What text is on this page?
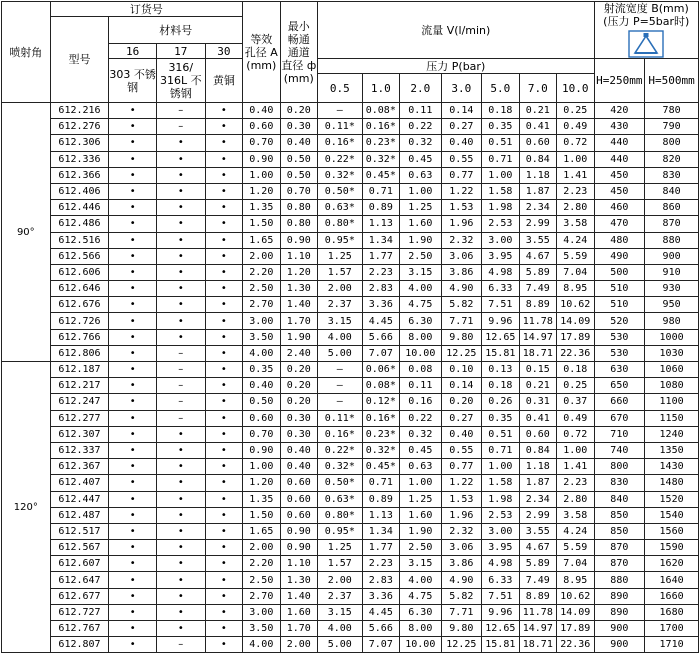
喷射角	订货号				等效 孔径 A (mm)	最小 畅通 通道 直径 ф (mm)	流量 V(l/min)							射流宽度 B(mm)
(压力 P=5bar时)	

	型号	材料号													
		16	17	30											
		303 不锈钢	316/ 316L 不锈钢	黄铜			压力 P(bar)							H=250mm	H=500mm
							0.5	1.0	2.0	3.0	5.0	7.0	10.0		
90°	612.216	•	–	•	0.40	0.20	–	0.08*	0.11	0.14	0.18	0.21	0.25	420	780
	612.276	•	–	•	0.60	0.30	0.11*	0.16*	0.22	0.27	0.35	0.41	0.49	430	790
	612.306	•	•	•	0.70	0.40	0.16*	0.23*	0.32	0.40	0.51	0.60	0.72	440	800
	612.336	•	•	•	0.90	0.50	0.22*	0.32*	0.45	0.55	0.71	0.84	1.00	440	820
	612.366	•	•	•	1.00	0.50	0.32*	0.45*	0.63	0.77	1.00	1.18	1.41	450	830
	612.406	•	•	•	1.20	0.70	0.50*	0.71	1.00	1.22	1.58	1.87	2.23	450	840
	612.446	•	•	•	1.35	0.80	0.63*	0.89	1.25	1.53	1.98	2.34	2.80	460	860
	612.486	•	•	•	1.50	0.80	0.80*	1.13	1.60	1.96	2.53	2.99	3.58	470	870
	612.516	•	•	•	1.65	0.90	0.95*	1.34	1.90	2.32	3.00	3.55	4.24	480	880
	612.566	•	•	•	2.00	1.10	1.25	1.77	2.50	3.06	3.95	4.67	5.59	490	900
	612.606	•	•	•	2.20	1.20	1.57	2.23	3.15	3.86	4.98	5.89	7.04	500	910
	612.646	•	•	•	2.50	1.30	2.00	2.83	4.00	4.90	6.33	7.49	8.95	510	930
	612.676	•	•	•	2.70	1.40	2.37	3.36	4.75	5.82	7.51	8.89	10.62	510	950
	612.726	•	•	•	3.00	1.70	3.15	4.45	6.30	7.71	9.96	11.78	14.09	520	980
	612.766	•	•	•	3.50	1.90	4.00	5.66	8.00	9.80	12.65	14.97	17.89	530	1000
	612.806	•	–	•	4.00	2.40	5.00	7.07	10.00	12.25	15.81	18.71	22.36	530	1030
120°	612.187	•	–	•	0.35	0.20	–	0.06*	0.08	0.10	0.13	0.15	0.18	630	1060
	612.217	•	–	•	0.40	0.20	–	0.08*	0.11	0.14	0.18	0.21	0.25	650	1080
	612.247	•	–	•	0.50	0.20	–	0.12*	0.16	0.20	0.26	0.31	0.37	660	1100
	612.277	•	–	•	0.60	0.30	0.11*	0.16*	0.22	0.27	0.35	0.41	0.49	670	1150
	612.307	•	•	•	0.70	0.30	0.16*	0.23*	0.32	0.40	0.51	0.60	0.72	710	1240
	612.337	•	•	•	0.90	0.40	0.22*	0.32*	0.45	0.55	0.71	0.84	1.00	740	1350
	612.367	•	•	•	1.00	0.40	0.32*	0.45*	0.63	0.77	1.00	1.18	1.41	800	1430
	612.407	•	•	•	1.20	0.60	0.50*	0.71	1.00	1.22	1.58	1.87	2.23	830	1480
	612.447	•	•	•	1.35	0.60	0.63*	0.89	1.25	1.53	1.98	2.34	2.80	840	1520
	612.487	•	•	•	1.50	0.60	0.80*	1.13	1.60	1.96	2.53	2.99	3.58	850	1540
	612.517	•	•	•	1.65	0.90	0.95*	1.34	1.90	2.32	3.00	3.55	4.24	850	1560
	612.567	•	•	•	2.00	0.90	1.25	1.77	2.50	3.06	3.95	4.67	5.59	870	1590
	612.607	•	•	•	2.20	1.10	1.57	2.23	3.15	3.86	4.98	5.89	7.04	870	1620
	612.647	•	•	•	2.50	1.30	2.00	2.83	4.00	4.90	6.33	7.49	8.95	880	1640
	612.677	•	•	•	2.70	1.40	2.37	3.36	4.75	5.82	7.51	8.89	10.62	890	1660
	612.727	•	•	•	3.00	1.60	3.15	4.45	6.30	7.71	9.96	11.78	14.09	890	1680
	612.767	•	•	•	3.50	1.70	4.00	5.66	8.00	9.80	12.65	14.97	17.89	900	1700
	612.807	•	–	•	4.00	2.00	5.00	7.07	10.00	12.25	15.81	18.71	22.36	900	1710
